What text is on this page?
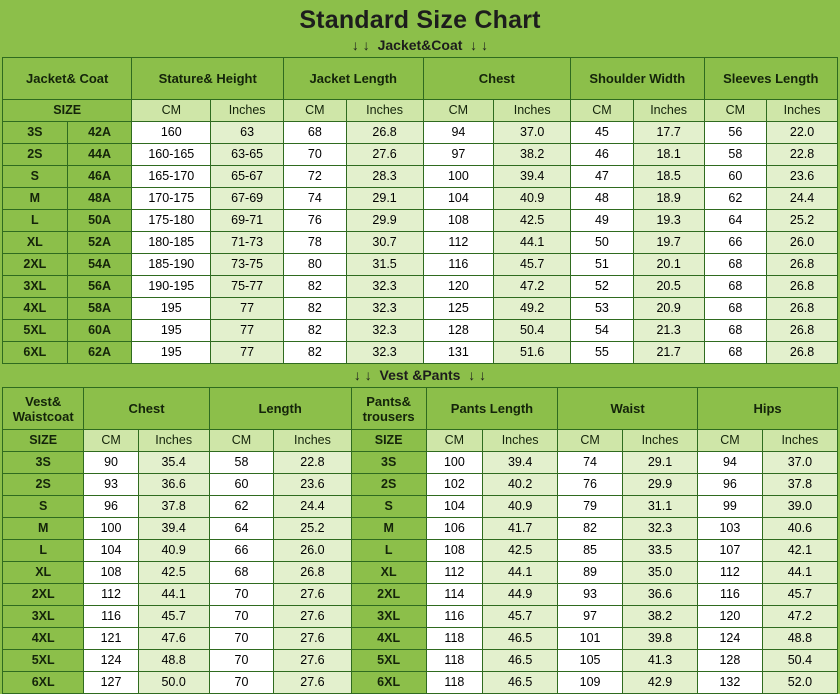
Standard Size Chart
↓ ↓  Jacket&Coat  ↓ ↓
Jacket& Coat		Stature& Height		Jacket Length		Chest		Shoulder Width		Sleeves Length	
SIZE		CM	Inches	CM	Inches	CM	Inches	CM	Inches	CM	Inches
3S	42A	160	63	68	26.8	94	37.0	45	17.7	56	22.0
2S	44A	160-165	63-65	70	27.6	97	38.2	46	18.1	58	22.8
S	46A	165-170	65-67	72	28.3	100	39.4	47	18.5	60	23.6
M	48A	170-175	67-69	74	29.1	104	40.9	48	18.9	62	24.4
L	50A	175-180	69-71	76	29.9	108	42.5	49	19.3	64	25.2
XL	52A	180-185	71-73	78	30.7	112	44.1	50	19.7	66	26.0
2XL	54A	185-190	73-75	80	31.5	116	45.7	51	20.1	68	26.8
3XL	56A	190-195	75-77	82	32.3	120	47.2	52	20.5	68	26.8
4XL	58A	195	77	82	32.3	125	49.2	53	20.9	68	26.8
5XL	60A	195	77	82	32.3	128	50.4	54	21.3	68	26.8
6XL	62A	195	77	82	32.3	131	51.6	55	21.7	68	26.8
↓ ↓  Vest &Pants  ↓ ↓
Vest& Waistcoat	Chest		Length		Pants& trousers	Pants Length		Waist		Hips	
SIZE	CM	Inches	CM	Inches	SIZE	CM	Inches	CM	Inches	CM	Inches
3S	90	35.4	58	22.8	3S	100	39.4	74	29.1	94	37.0
2S	93	36.6	60	23.6	2S	102	40.2	76	29.9	96	37.8
S	96	37.8	62	24.4	S	104	40.9	79	31.1	99	39.0
M	100	39.4	64	25.2	M	106	41.7	82	32.3	103	40.6
L	104	40.9	66	26.0	L	108	42.5	85	33.5	107	42.1
XL	108	42.5	68	26.8	XL	112	44.1	89	35.0	112	44.1
2XL	112	44.1	70	27.6	2XL	114	44.9	93	36.6	116	45.7
3XL	116	45.7	70	27.6	3XL	116	45.7	97	38.2	120	47.2
4XL	121	47.6	70	27.6	4XL	118	46.5	101	39.8	124	48.8
5XL	124	48.8	70	27.6	5XL	118	46.5	105	41.3	128	50.4
6XL	127	50.0	70	27.6	6XL	118	46.5	109	42.9	132	52.0
